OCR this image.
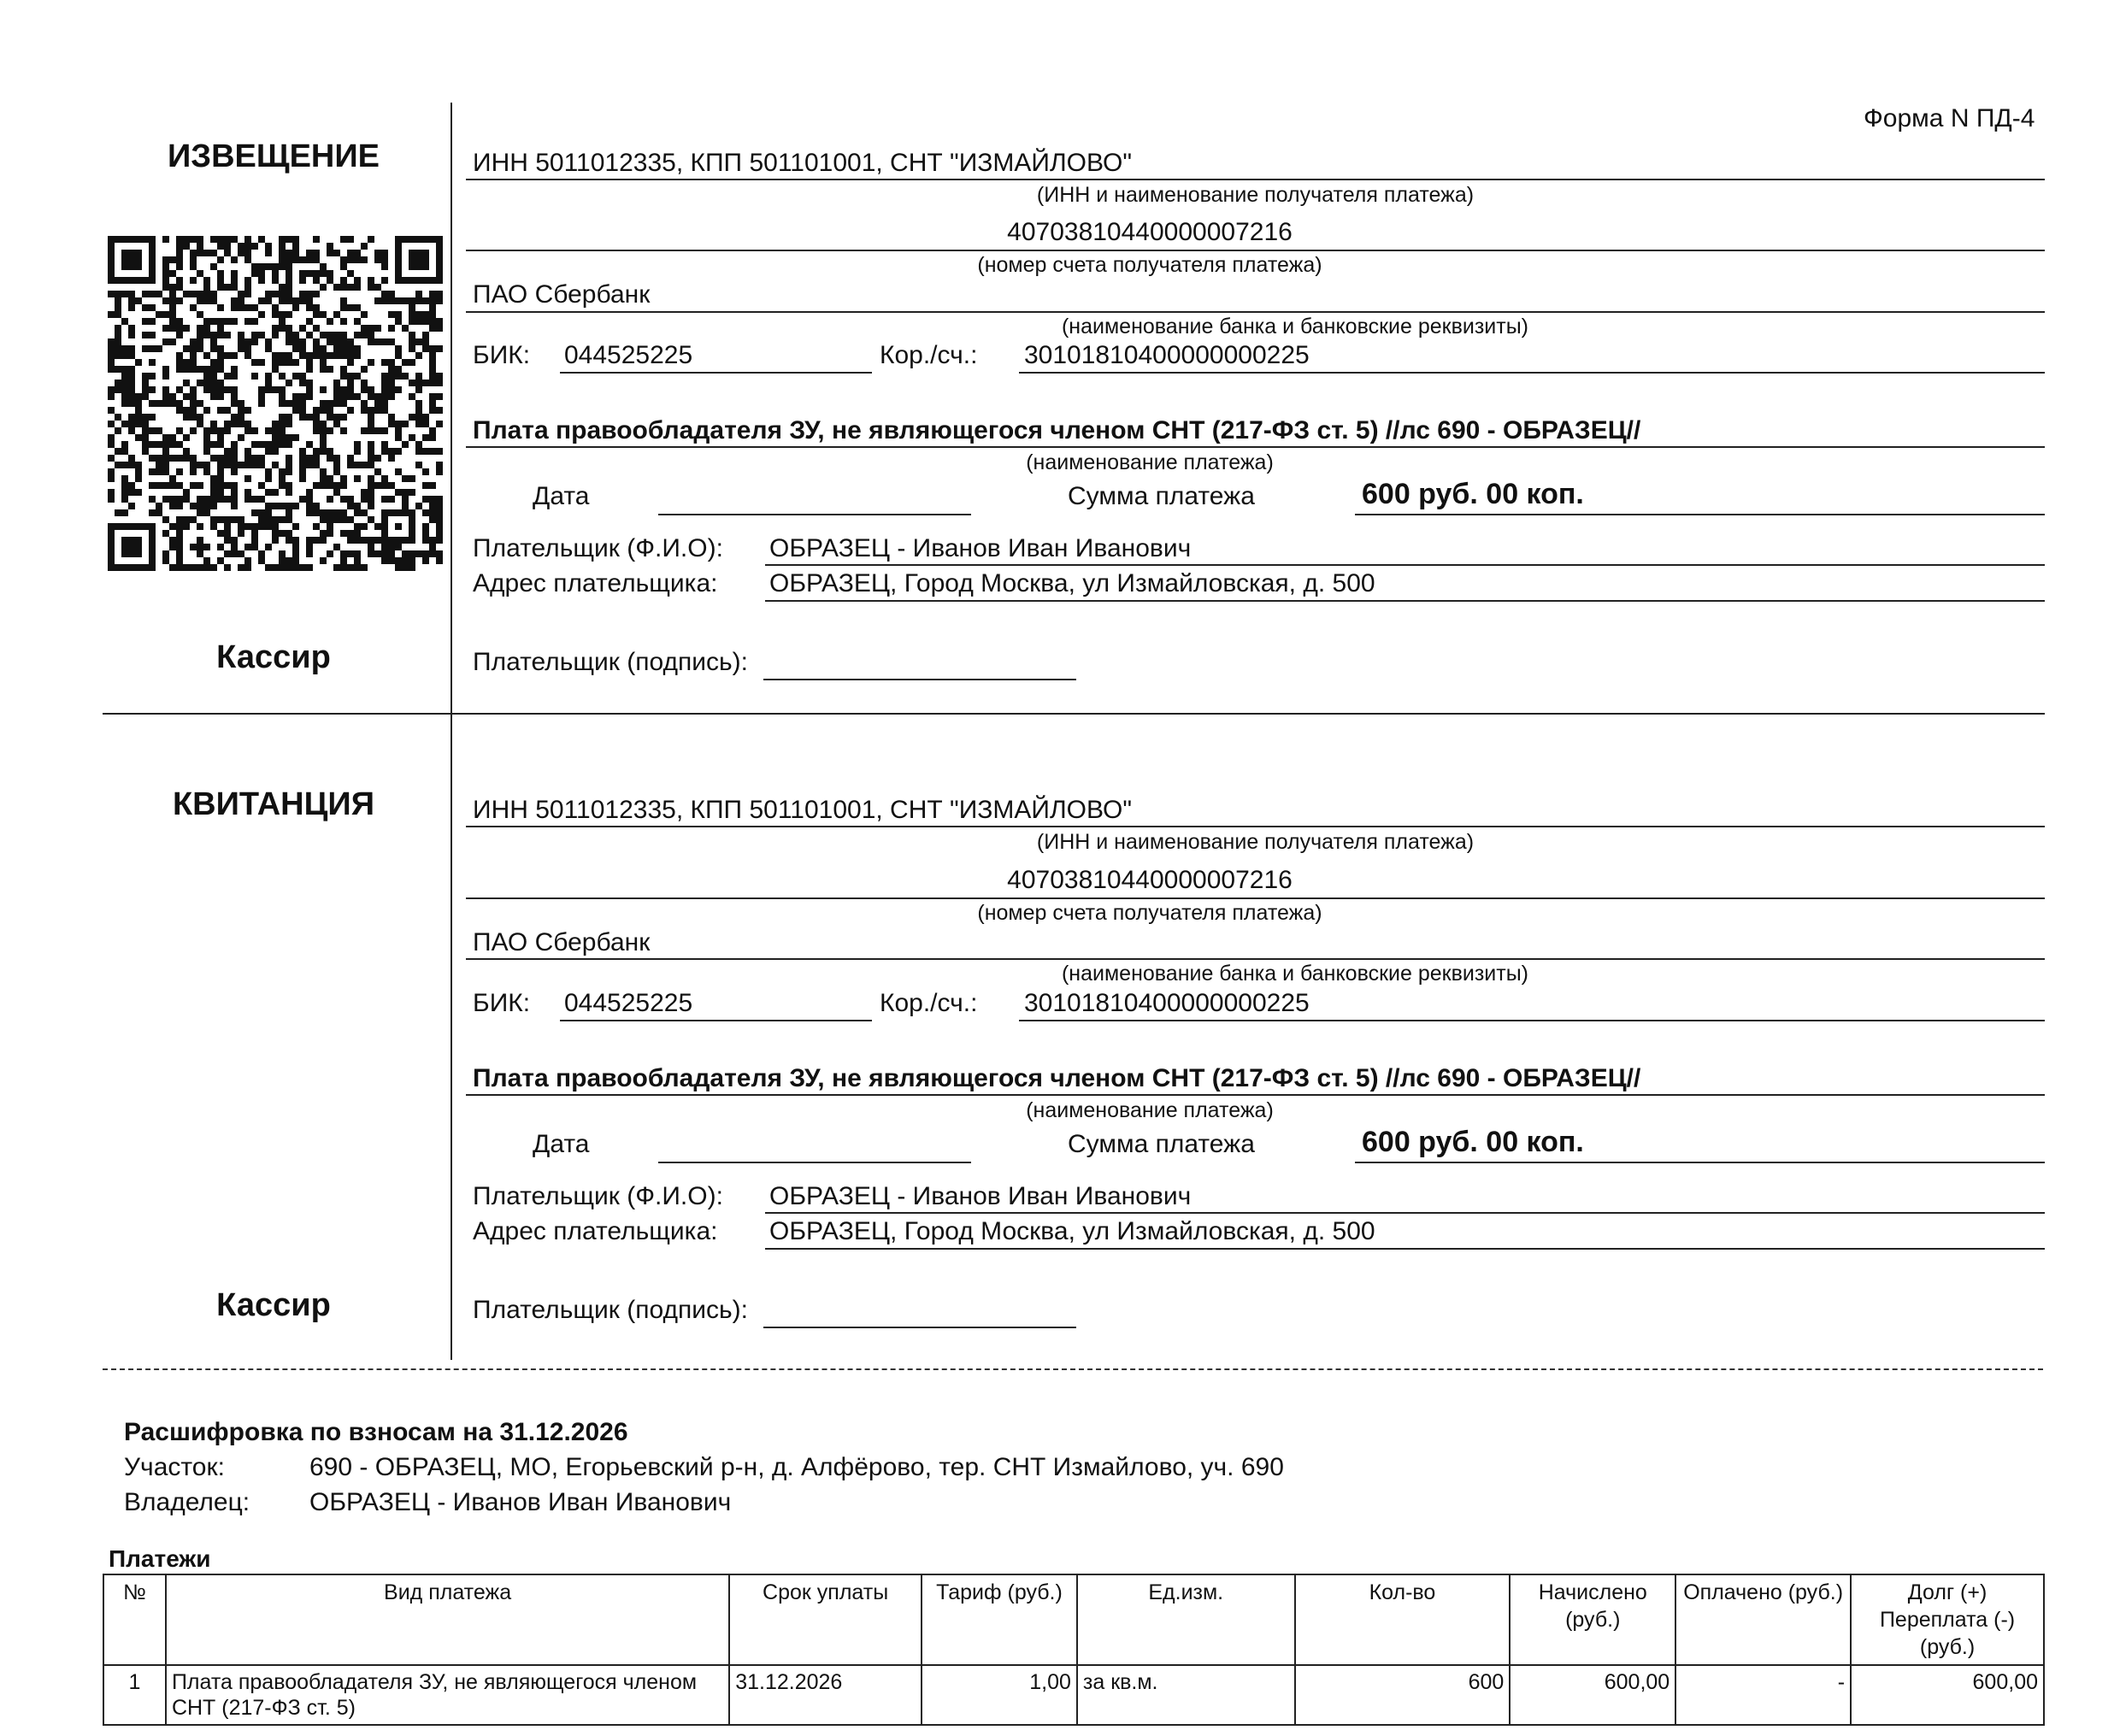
Форма N ПД-4
ИЗВЕЩЕНИЕ
Кассир
ИНН 5011012335, КПП 501101001, СНТ "ИЗМАЙЛОВО"
(ИНН и наименование получателя платежа)
40703810440000007216
(номер счета получателя платежа)
ПАО Сбербанк
(наименование банка и банковские реквизиты)
БИК: 044525225	Кор./сч.: 30101810400000000225
Плата правообладателя ЗУ, не являющегося членом СНТ (217-ФЗ ст. 5) //лс 690 - ОБРАЗЕЦ//
(наименование платежа)
Дата	Сумма платежа	600 руб. 00 коп.
Плательщик (Ф.И.О): ОБРАЗЕЦ - Иванов Иван Иванович
Адрес плательщика: ОБРАЗЕЦ, Город Москва, ул Измайловская, д. 500
Плательщик (подпись):
КВИТАНЦИЯ
Кассир
ИНН 5011012335, КПП 501101001, СНТ "ИЗМАЙЛОВО"
(ИНН и наименование получателя платежа)
40703810440000007216
(номер счета получателя платежа)
ПАО Сбербанк
(наименование банка и банковские реквизиты)
БИК: 044525225	Кор./сч.: 30101810400000000225
Плата правообладателя ЗУ, не являющегося членом СНТ (217-ФЗ ст. 5) //лс 690 - ОБРАЗЕЦ//
(наименование платежа)
Дата	Сумма платежа	600 руб. 00 коп.
Плательщик (Ф.И.О): ОБРАЗЕЦ - Иванов Иван Иванович
Адрес плательщика: ОБРАЗЕЦ, Город Москва, ул Измайловская, д. 500
Плательщик (подпись):
Расшифровка по взносам на 31.12.2026
Участок:	690 - ОБРАЗЕЦ, МО, Егорьевский р-н, д. Алфёрово, тер. СНТ Измайлово, уч. 690
Владелец: ОБРАЗЕЦ - Иванов Иван Иванович
Платежи
№	Вид платежа	Срок уплаты	Тариф (руб.)	Ед.изм.	Кол-во	Начислено (руб.)	Оплачено (руб.)	Долг (+) Переплата (-) (руб.)
1	Плата правообладателя ЗУ, не являющегося членом СНТ (217-ФЗ ст. 5)	31.12.2026	1,00	за кв.м.	600	600,00	-	600,00
